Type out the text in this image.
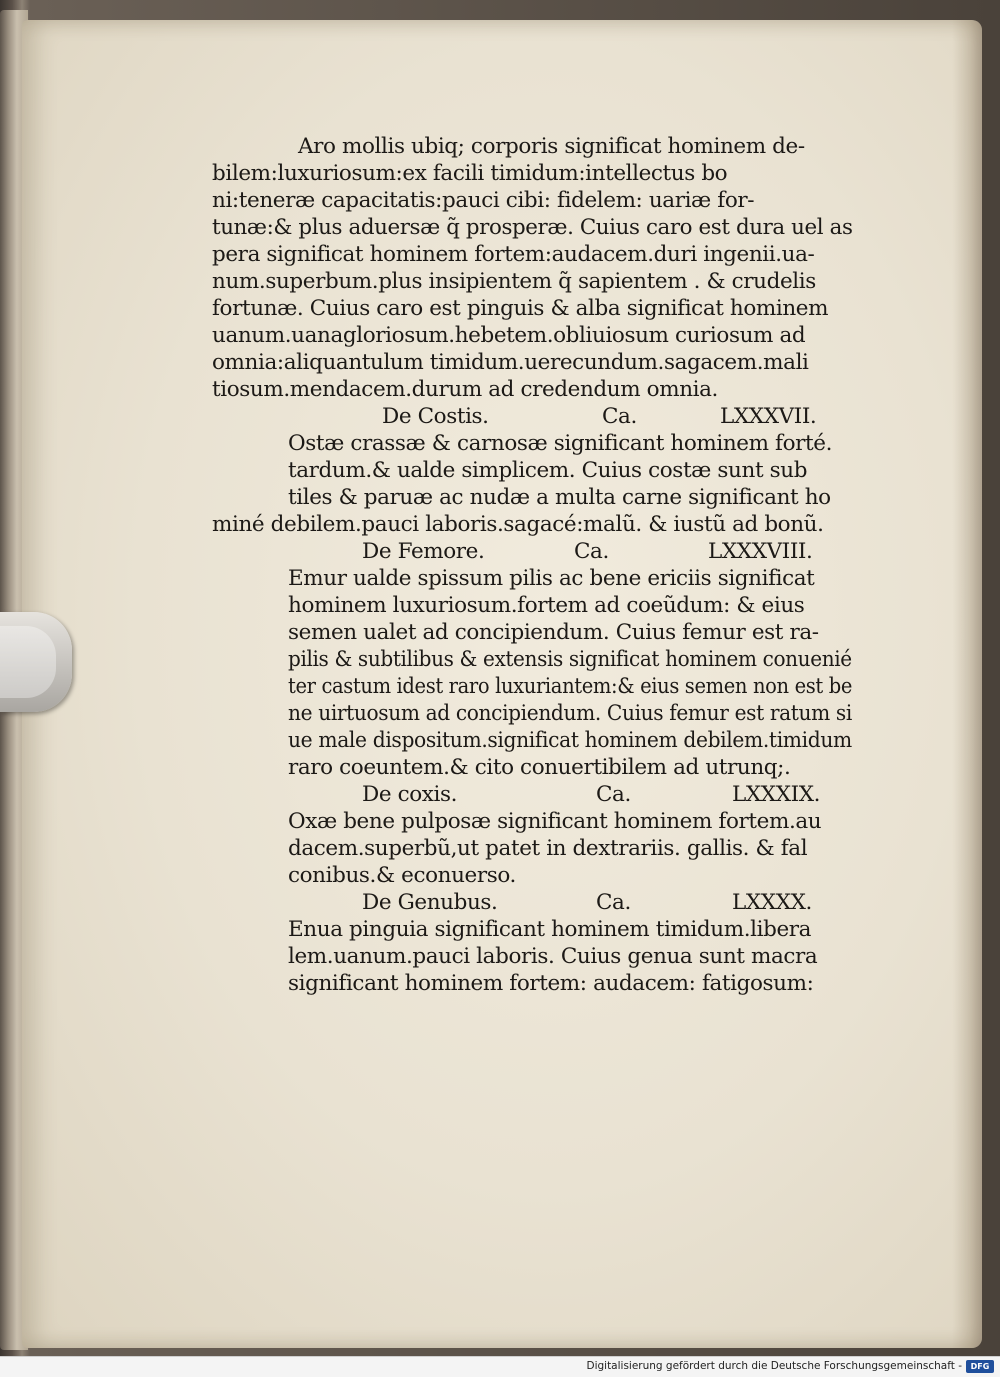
Aro mollis ubiq; corporis significat hominem de-
bilem:luxuriosum:ex facili timidum:intellectus bo
ni:teneræ capacitatis:pauci cibi: fidelem: uariæ for-
tunæ:& plus aduersæ q̃ prosperæ. Cuius caro est dura uel as
pera significat hominem fortem:audacem.duri ingenii.ua-
num.superbum.plus insipientem q̃ sapientem . & crudelis
fortunæ. Cuius caro est pinguis & alba significat hominem
uanum.uanagloriosum.hebetem.obliuiosum curiosum ad
omnia:aliquantulum timidum.uerecundum.sagacem.mali
tiosum.mendacem.durum ad credendum omnia.
De Costis.	Ca.	LXXXVII.
Ostæ crassæ & carnosæ significant hominem forté.
tardum.& ualde simplicem. Cuius costæ sunt sub
tiles & paruæ ac nudæ a multa carne significant ho
miné debilem.pauci laboris.sagacé:malũ. & iustũ ad bonũ.
De Femore.	Ca.	LXXXVIII.
Emur ualde spissum pilis ac bene ericiis significat
hominem luxuriosum.fortem ad coeũdum: & eius
semen ualet ad concipiendum. Cuius femur est ra-
pilis & subtilibus & extensis significat hominem conuenié
ter castum idest raro luxuriantem:& eius semen non est be
ne uirtuosum ad concipiendum. Cuius femur est ratum si
ue male dispositum.significat hominem debilem.timidum
raro coeuntem.& cito conuertibilem ad utrunq;.
De coxis.	Ca.	LXXXIX.
Oxæ bene pulposæ significant hominem fortem.au
dacem.superbũ,ut patet in dextrariis. gallis. & fal
conibus.& econuerso.
De Genubus.	Ca.	LXXXX.
Enua pinguia significant hominem timidum.libera
lem.uanum.pauci laboris. Cuius genua sunt macra
significant hominem fortem: audacem: fatigosum:
Digitalisierung gefördert durch die Deutsche Forschungsgemeinschaft -	DFG
